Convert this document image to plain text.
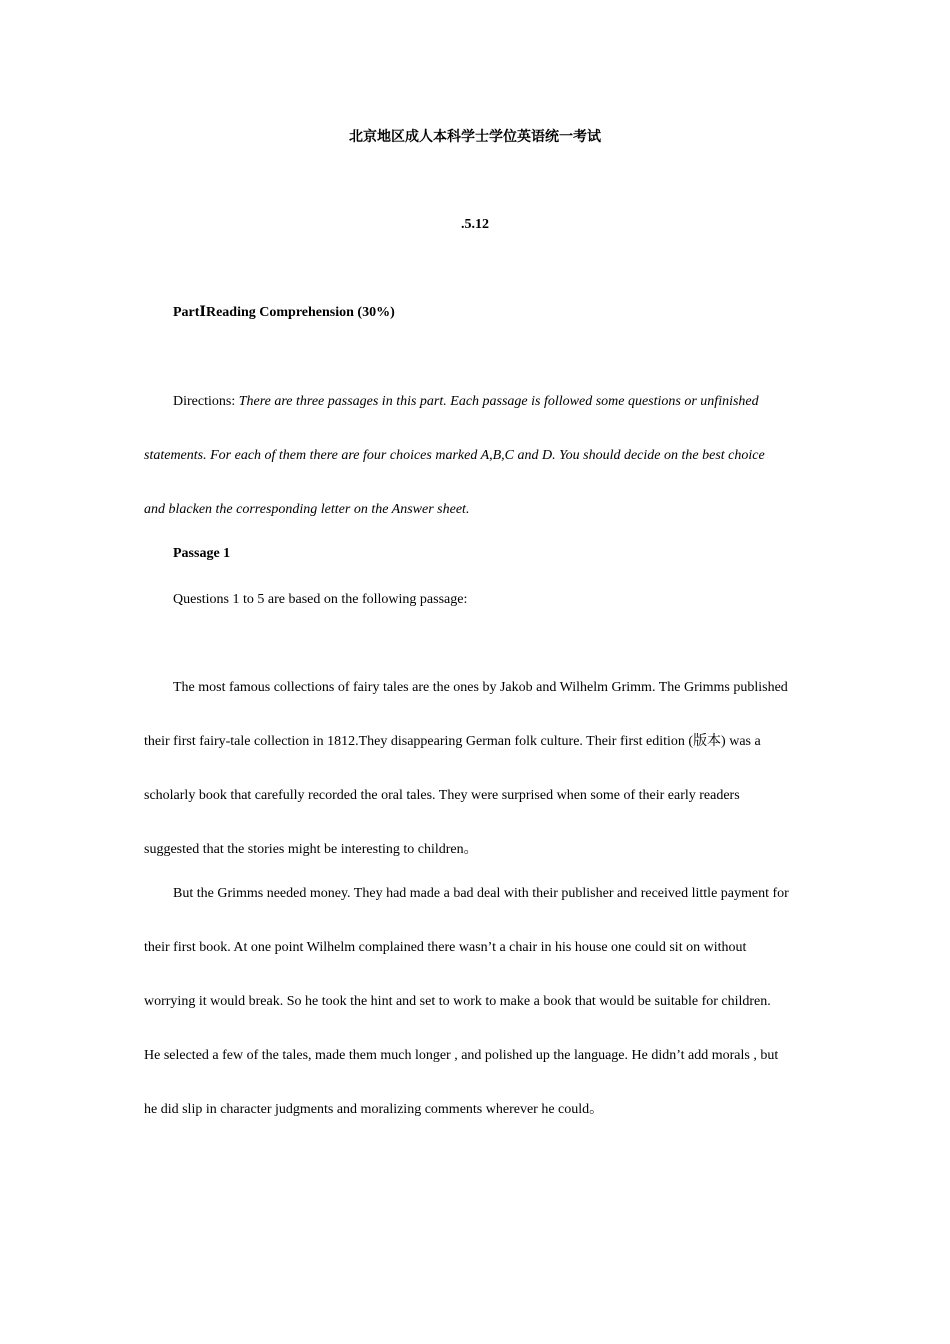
北京地区成人本科学士学位英语统一考试
.5.12
PartⅠReading Comprehension (30%)
Directions: There are three passages in this part. Each passage is followed some questions or unfinished
statements. For each of them there are four choices marked A,B,C and D. You should decide on the best choice
and blacken the corresponding letter on the Answer sheet.
Passage 1
Questions 1 to 5 are based on the following passage:
The most famous collections of fairy tales are the ones by Jakob and Wilhelm Grimm. The Grimms published
their first fairy-tale collection in 1812.They disappearing German folk culture. Their first edition (版本) was a
scholarly book that carefully recorded the oral tales. They were surprised when some of their early readers
suggested that the stories might be interesting to children。
But the Grimms needed money. They had made a bad deal with their publisher and received little payment for
their first book. At one point Wilhelm complained there wasn’t a chair in his house one could sit on without
worrying it would break. So he took the hint and set to work to make a book that would be suitable for children.
He selected a few of the tales, made them much longer , and polished up the language. He didn’t add morals , but
he did slip in character judgments and moralizing comments wherever he could。
